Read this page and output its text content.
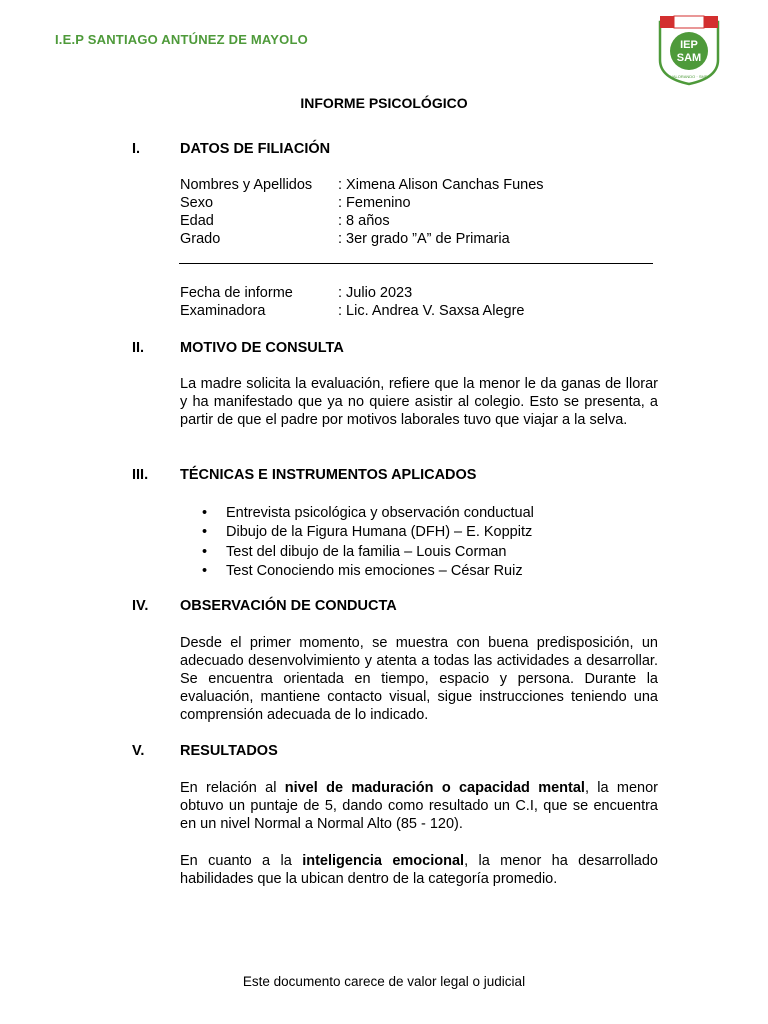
I.E.P SANTIAGO ANTÚNEZ DE MAYOLO	IEP
SAM
VALORANDO · SMP
INFORME PSICOLÓGICO
I.	DATOS DE FILIACIÓN
Nombres y Apellidos : Ximena Alison Canchas Funes
Sexo	: Femenino
Edad	: 8 años
Grado	: 3er grado ”A” de Primaria
Fecha de informe	: Julio 2023
Examinadora	: Lic. Andrea V. Saxsa Alegre
II. MOTIVO DE CONSULTA
La madre solicita la evaluación, refiere que la menor le da ganas de llorar y ha manifestado que ya no quiere asistir al colegio. Esto se presenta, a partir de que el padre por motivos laborales tuvo que viajar a la selva.
III. TÉCNICAS E INSTRUMENTOS APLICADOS
• Entrevista psicológica y observación conductual
• Dibujo de la Figura Humana (DFH) – E. Koppitz
• Test del dibujo de la familia – Louis Corman
• Test Conociendo mis emociones – César Ruiz
IV. OBSERVACIÓN DE CONDUCTA
Desde el primer momento, se muestra con buena predisposición, un adecuado desenvolvimiento y atenta a todas las actividades a desarrollar. Se encuentra orientada en tiempo, espacio y persona. Durante la evaluación, mantiene contacto visual, sigue instrucciones teniendo una comprensión adecuada de lo indicado.
V. RESULTADOS
En relación al nivel de maduración o capacidad mental, la menor obtuvo un puntaje de 5, dando como resultado un C.I, que se encuentra en un nivel Normal a Normal Alto (85 - 120).
En cuanto a la inteligencia emocional, la menor ha desarrollado habilidades que la ubican dentro de la categoría promedio.
Este documento carece de valor legal o judicial
